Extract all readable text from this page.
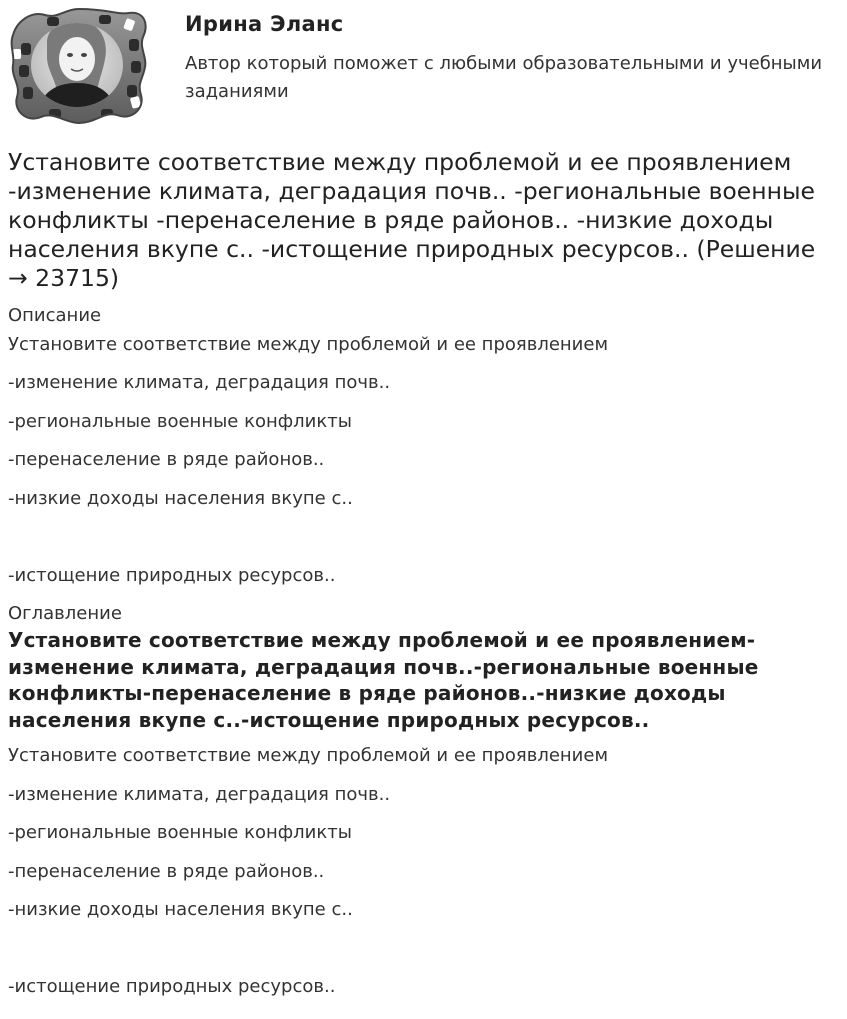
Ирина Эланс
Автор который поможет с любыми образовательными и учебными заданиями
Установите соответствие между проблемой и ее проявлением -изменение климата, деградация почв.. -региональные военные конфликты -перенаселение в ряде районов.. -низкие доходы населения вкупе с.. -истощение природных ресурсов.. (Решение → 23715)
Описание
Установите соответствие между проблемой и ее проявлением
-изменение климата, деградация почв..
-региональные военные конфликты
-перенаселение в ряде районов..
-низкие доходы населения вкупе с..
-истощение природных ресурсов..
Оглавление
Установите соответствие между проблемой и ее проявлением-изменение климата, деградация почв..-региональные военные конфликты-перенаселение в ряде районов..-низкие доходы населения вкупе с..-истощение природных ресурсов..
Установите соответствие между проблемой и ее проявлением
-изменение климата, деградация почв..
-региональные военные конфликты
-перенаселение в ряде районов..
-низкие доходы населения вкупе с..
-истощение природных ресурсов..
